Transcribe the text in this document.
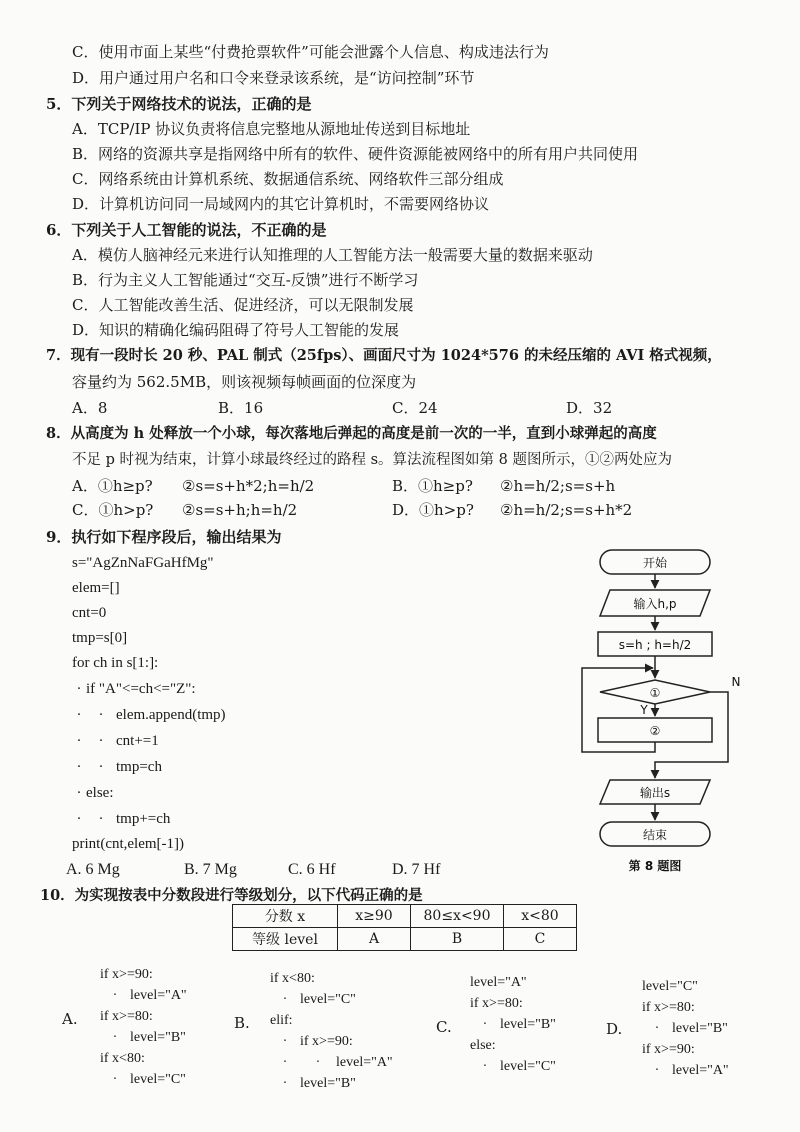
C．使用市面上某些“付费抢票软件”可能会泄露个人信息、构成违法行为
D．用户通过用户名和口令来登录该系统，是“访问控制”环节
5．下列关于网络技术的说法，正确的是
A．TCP/IP 协议负责将信息完整地从源地址传送到目标地址
B．网络的资源共享是指网络中所有的软件、硬件资源能被网络中的所有用户共同使用
C．网络系统由计算机系统、数据通信系统、网络软件三部分组成
D．计算机访问同一局域网内的其它计算机时，不需要网络协议
6．下列关于人工智能的说法，不正确的是
A．模仿人脑神经元来进行认知推理的人工智能方法一般需要大量的数据来驱动
B．行为主义人工智能通过“交互-反馈”进行不断学习
C．人工智能改善生活、促进经济，可以无限制发展
D．知识的精确化编码阻碍了符号人工智能的发展
7．现有一段时长 20 秒、PAL 制式（25fps）、画面尺寸为 1024*576 的未经压缩的 AVI 格式视频，
容量约为 562.5MB，则该视频每帧画面的位深度为
A．8	B．16	C．24	D．32
8．从高度为 h 处释放一个小球，每次落地后弹起的高度是前一次的一半，直到小球弹起的高度
不足 p 时视为结束，计算小球最终经过的路程 s。算法流程图如第 8 题图所示，①②两处应为
A．①h≥p? ②s=s+h*2;h=h/2	B．①h≥p? ②h=h/2;s=s+h
C．①h>p? ②s=s+h;h=h/2	D．①h>p? ②h=h/2;s=s+h*2
9．执行如下程序段后，输出结果为
s="AgZnNaFGaHfMg"
elem=[]
cnt=0
tmp=s[0]
for ch in s[1:]:
· if "A"<=ch<="Z":
· · elem.append(tmp)
· · cnt+=1
· · tmp=ch
· else:
· · tmp+=ch
print(cnt,elem[-1])
A. 6 Mg	B. 7 Mg	C. 6 Hf	D. 7 Hf
开始
输入h,p
s=h ; h=h/2
①
②
Y
N
输出s
结束
第 8 题图
10．为实现按表中分数段进行等级划分，以下代码正确的是
分数 x	x≥90	80≤x<90	x<80
等级 level	A	B	C
A.
if x>=90:
· level="A"
if x>=80:
· level="B"
if x<80:
· level="C"
B.
if x<80:
· level="C"
elif:
· if x>=90:
· · level="A"
· level="B"
C.
level="A"
if x>=80:
· level="B"
else:
· level="C"
D.
level="C"
if x>=80:
· level="B"
if x>=90:
· level="A"
